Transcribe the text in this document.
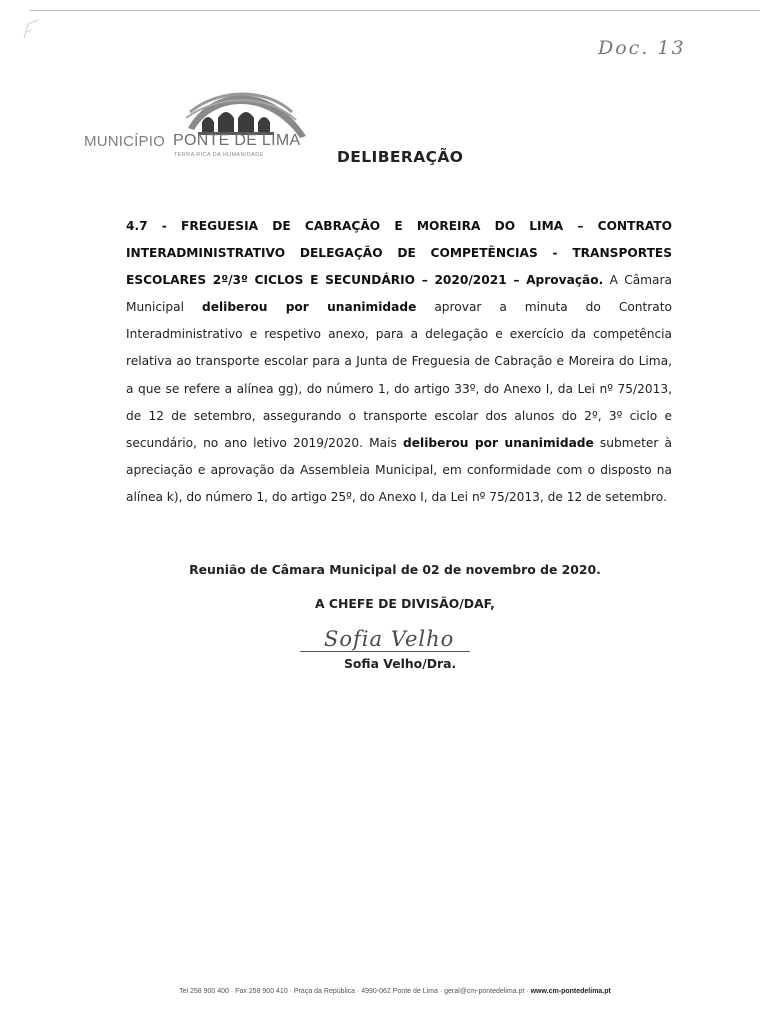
Doc. 13
MUNICÍPIO PONTE DE LIMA
TERRA RICA DA HUMANIDADE	DELIBERAÇÃO

4.7 - FREGUESIA DE CABRAÇÃO E MOREIRA DO LIMA – CONTRATO INTERADMINISTRATIVO DELEGAÇÃO DE COMPETÊNCIAS - TRANSPORTES ESCOLARES 2º/3º CICLOS E SECUNDÁRIO – 2020/2021 – Aprovação. A Câmara Municipal deliberou por unanimidade aprovar a minuta do Contrato Interadministrativo e respetivo anexo, para a delegação e exercício da competência relativa ao transporte escolar para a Junta de Freguesia de Cabração e Moreira do Lima, a que se refere a alínea gg), do número 1, do artigo 33º, do Anexo I, da Lei nº 75/2013, de 12 de setembro, assegurando o transporte escolar dos alunos do 2º, 3º ciclo e secundário, no ano letivo 2019/2020. Mais deliberou por unanimidade submeter à apreciação e aprovação da Assembleia Municipal, em conformidade com o disposto na alínea k), do número 1, do artigo 25º, do Anexo I, da Lei nº 75/2013, de 12 de setembro.

Reunião de Câmara Municipal de 02 de novembro de 2020.
A CHEFE DE DIVISÃO/DAF,
Sofia Velho
Sofia Velho/Dra.
Tel 258 900 400 · Fax 258 900 410 · Praça da República · 4990-062 Ponte de Lima · geral@cm-pontedelima.pt · www.cm-pontedelima.pt
